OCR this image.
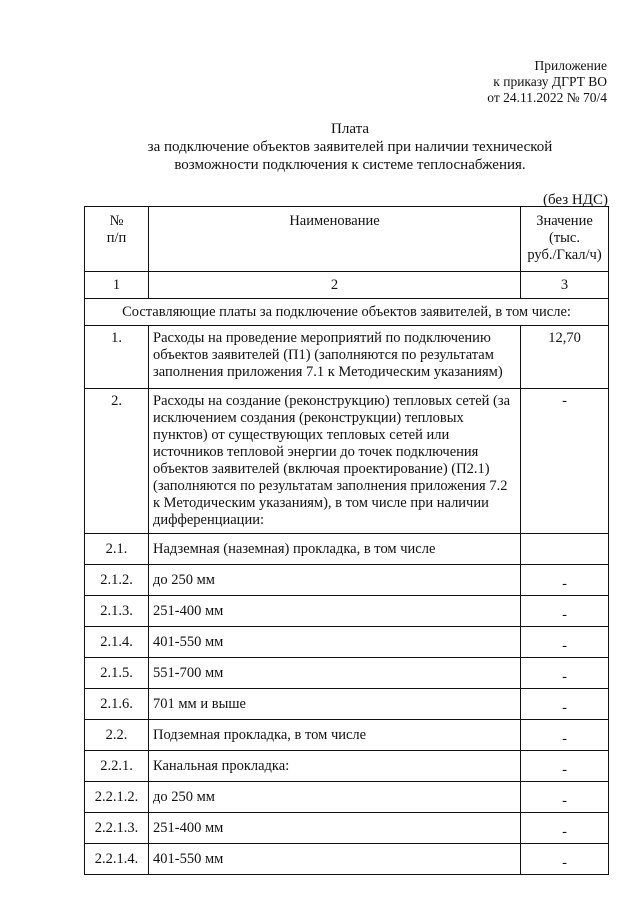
Приложение
к приказу ДГРТ ВО
от 24.11.2022 № 70/4
Плата
за подключение объектов заявителей при наличии технической
возможности подключения к системе теплоснабжения.
(без НДС)
№
п/п	Наименование	Значение
(тыс.
руб./Гкал/ч)
1	2	3
Составляющие платы за подключение объектов заявителей, в том числе:		
1.	Расходы на проведение мероприятий по подключению объектов заявителей (П1) (заполняются по результатам заполнения приложения 7.1 к Методическим указаниям)	12,70
2.	Расходы на создание (реконструкцию) тепловых сетей (за исключением создания (реконструкции) тепловых пунктов) от существующих тепловых сетей или источников тепловой энергии до точек подключения объектов заявителей (включая проектирование) (П2.1) (заполняются по результатам заполнения приложения 7.2 к Методическим указаниям), в том числе при наличии дифференциации:	-
2.1.	Надземная (наземная) прокладка, в том числе	
2.1.2.	до 250 мм	-
2.1.3.	251-400 мм	-
2.1.4.	401-550 мм	-
2.1.5.	551-700 мм	-
2.1.6.	701 мм и выше	-
2.2.	Подземная прокладка, в том числе	-
2.2.1.	Канальная прокладка:	-
2.2.1.2.	до 250 мм	-
2.2.1.3.	251-400 мм	-
2.2.1.4.	401-550 мм	-
